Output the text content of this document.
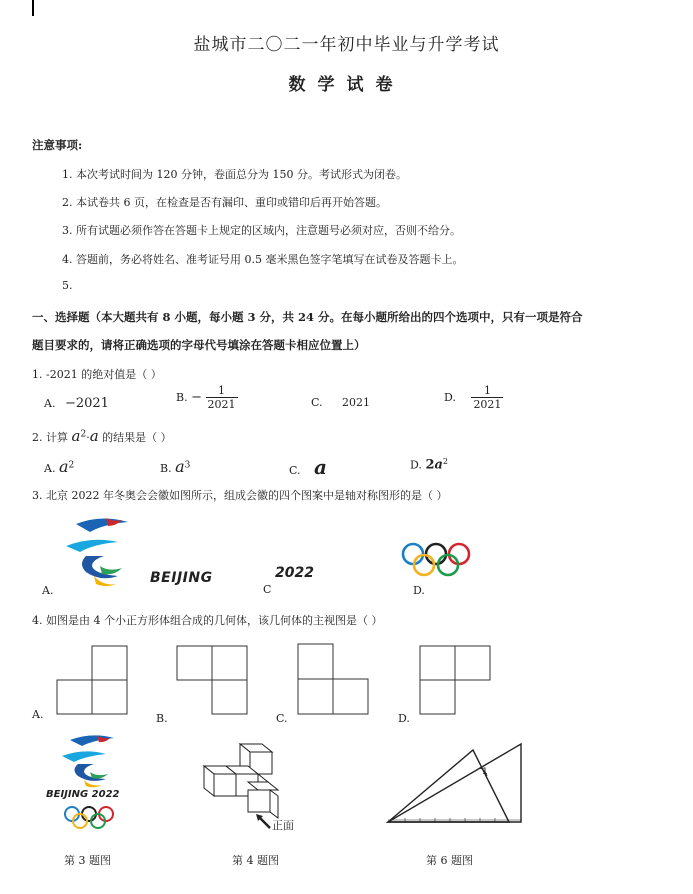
盐城市二〇二一年初中毕业与升学考试
数学试卷
注意事项:
1. 本次考试时间为 120 分钟，卷面总分为 150 分。考试形式为闭卷。
2. 本试卷共 6 页，在检查是否有漏印、重印或错印后再开始答题。
3. 所有试题必须作答在答题卡上规定的区域内，注意题号必须对应，否则不给分。
4. 答题前，务必将姓名、准考证号用 0.5 毫米黑色签字笔填写在试卷及答题卡上。
5.
一、选择题（本大题共有 8 小题，每小题 3 分，共 24 分。在每小题所给出的四个选项中，只有一项是符合
题目要求的，请将正确选项的字母代号填涂在答题卡相应位置上）
1. -2021 的绝对值是（ ）
A. −2021	B. − $\frac{1}{2021}$	C. 2021	D. $\frac{1}{2021}$
2. 计算 $a^2\cdot a$ 的结果是（ ）
A. $a^2$	B. $a^3$	C. a	D. $2a^2$
3. 北京 2022 年冬奥会会徽如图所示，组成会徽的四个图案中是轴对称图形的是（ ）
A.
BEIJING
C
2022
D.
4. 如图是由 4 个小正方形体组合成的几何体，该几何体的主视图是（ ）
A.	B.	C.	D.
BEIJING 2022
正面
1
第 3 题图	第 4 题图	第 6 题图
